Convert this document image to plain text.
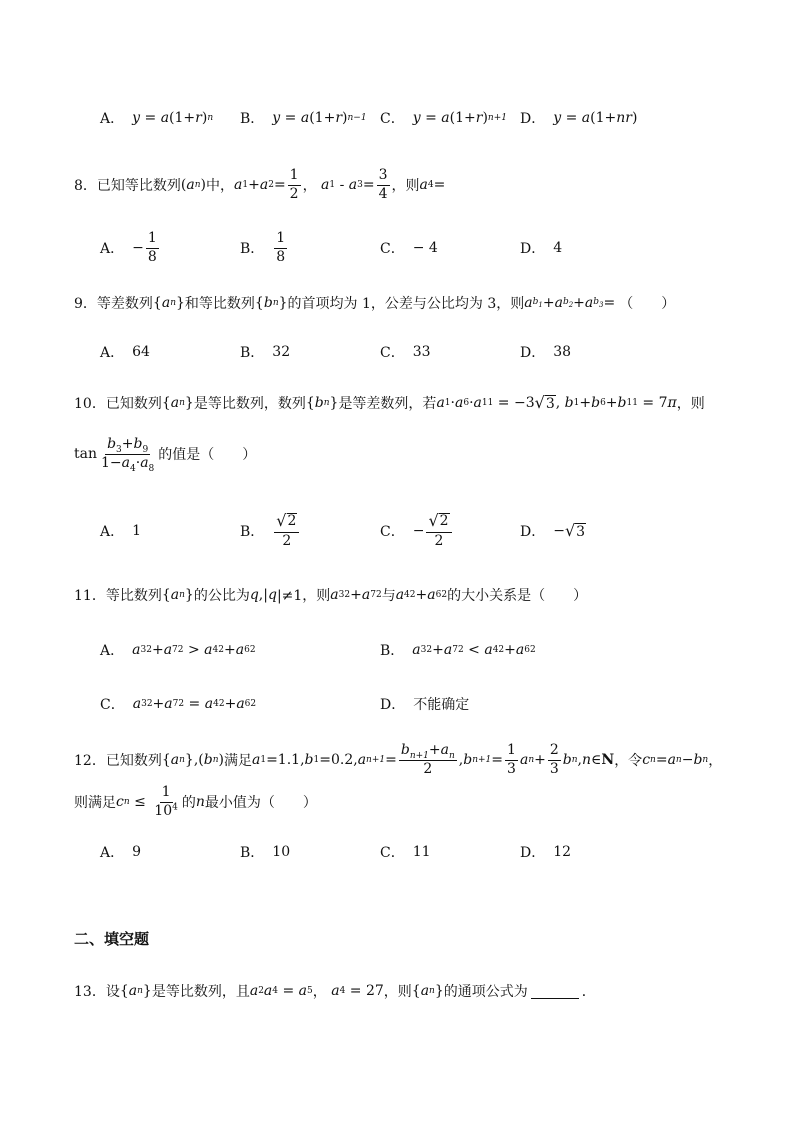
A． y = a (1+ r ) n B． y = a (1+ r ) n−1 C． y = a (1+ r ) n+1 D． y = a (1+ nr )
8． 已知等比数列 ( a n ) 中， a 1 + a $2 = \frac{1}{2}$ ，
a 1 - a $3 = \frac{3}{4}$ ，则 a 4 =
A． − $\frac{1}{8}$	B． $\frac{1}{8}$	C． − 4	D． 4
9． 等差数列 { a n } 和等比数列 { b n } 的首项均为 1，公差与公比均为 3，则 a $b_1 + a$ $b_2 + a$ $b_3$ = （　　）
A． 64	B． 32	C． 33	D． 38
10． 已知数列 { a n } 是等比数列，数列 { b n } 是等差数列，若 a 1 · a 6 · a 11 = −3 √ 3 , b 1 + b 6 + b 11 = 7 π ，则
$\tan \frac{b_3+b_9}{1-a_4\cdot a_8}$ 的值是（　　）
A． 1	B． $\frac{√ 2}{2}$	C． − $\frac{√ 2}{2}$	D． − √ 3
11． 等比数列 { a n } 的公比为 q ,| q |≠1，则 a 3 2 + a 7 2 与 a 4 2 + a 6 2 的大小关系是（　　）
A． a 3 2 + a 7 2 > a 4 2 + a 6 2	B． a 3 2 + a 7 2 < a 4 2 + a 6 2
C． a 3 2 + a 7 2 = a 4 2 + a 6 2	D． 不能确定
12． 已知数列 { a n } , ( b n ) 满足 a 1 =1.1, b 1 =0.2, a $n+1 = \frac{b_{n+1}+a_n}{2}$ , b $n+1 = \frac{1}{3}$ a $n + \frac{2}{3}$ b n , n ∈ N ，令 c n = a n − b n ，
则满足 c $n \le \frac{1}{10^4}$ 的 n 最小值为（　　）
A． 9	B． 10	C． 11	D． 12
二、填空题
13． 设 { a n } 是等比数列，且 a 2 a 4 = a 5 ，
a 4 = 27 ，则 { a n } 的通项公式为	．
